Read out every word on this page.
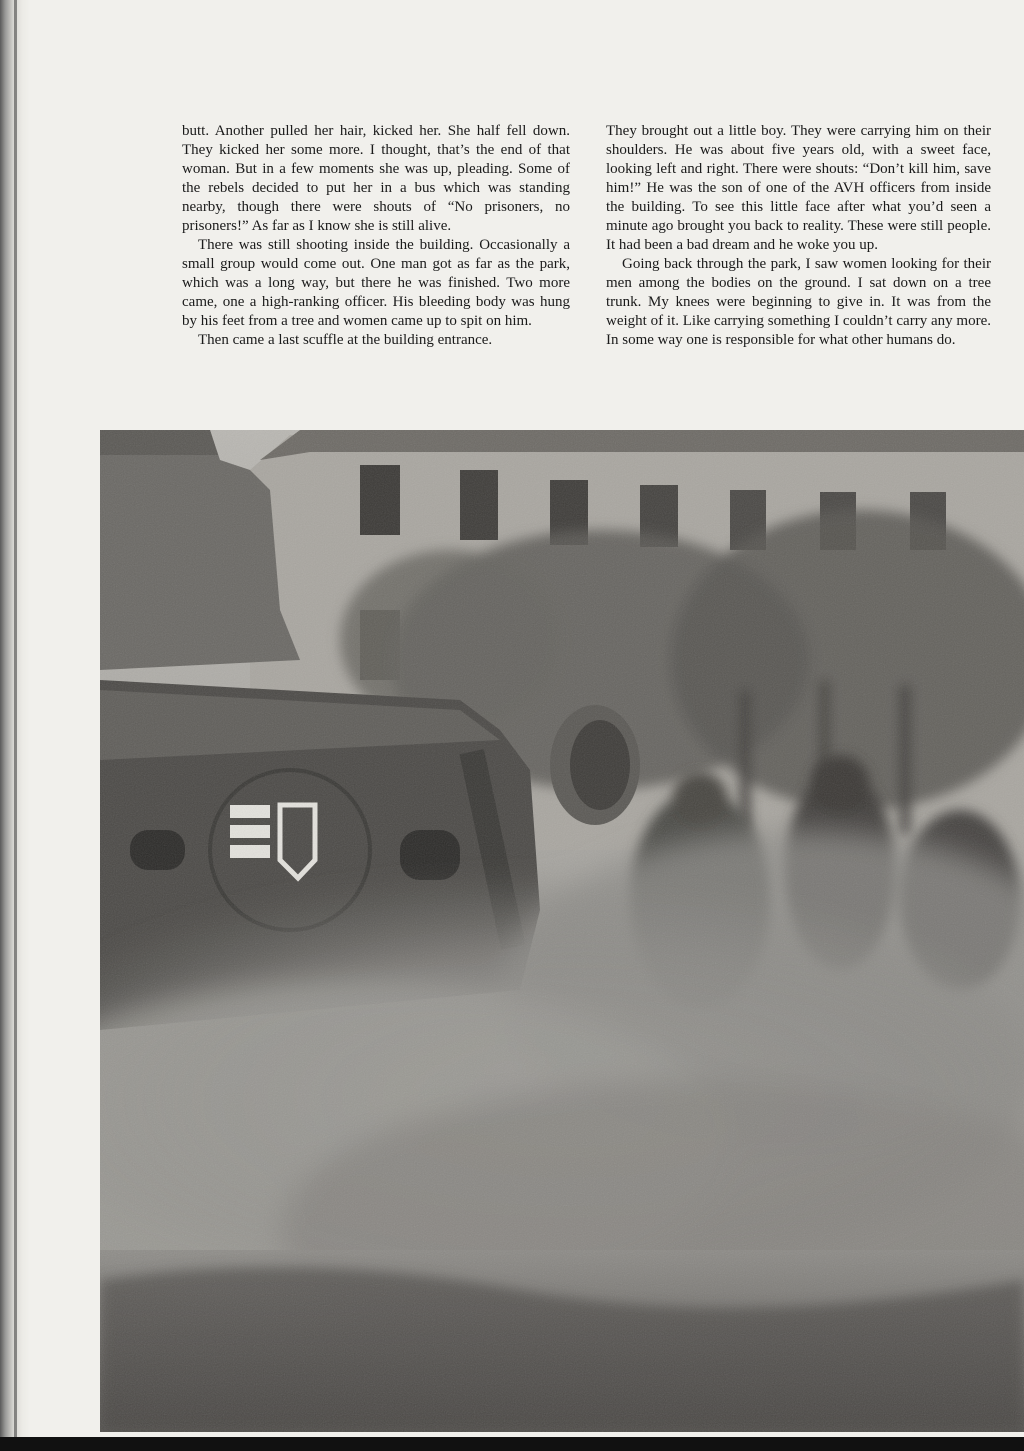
butt. Another pulled her hair, kicked her. She half fell down. They kicked her some more. I thought, that’s the end of that woman. But in a few moments she was up, pleading. Some of the rebels decided to put her in a bus which was standing nearby, though there were shouts of “No prisoners, no prisoners!” As far as I know she is still alive.

There was still shooting inside the building. Occasionally a small group would come out. One man got as far as the park, which was a long way, but there he was finished. Two more came, one a high-ranking officer. His bleeding body was hung by his feet from a tree and women came up to spit on him.

Then came a last scuffle at the building entrance.

They brought out a little boy. They were carrying him on their shoulders. He was about five years old, with a sweet face, looking left and right. There were shouts: “Don’t kill him, save him!” He was the son of one of the AVH officers from inside the building. To see this little face after what you’d seen a minute ago brought you back to reality. These were still people. It had been a bad dream and he woke you up.

Going back through the park, I saw women looking for their men among the bodies on the ground. I sat down on a tree trunk. My knees were beginning to give in. It was from the weight of it. Like carrying something I couldn’t carry any more. In some way one is responsible for what other humans do.
